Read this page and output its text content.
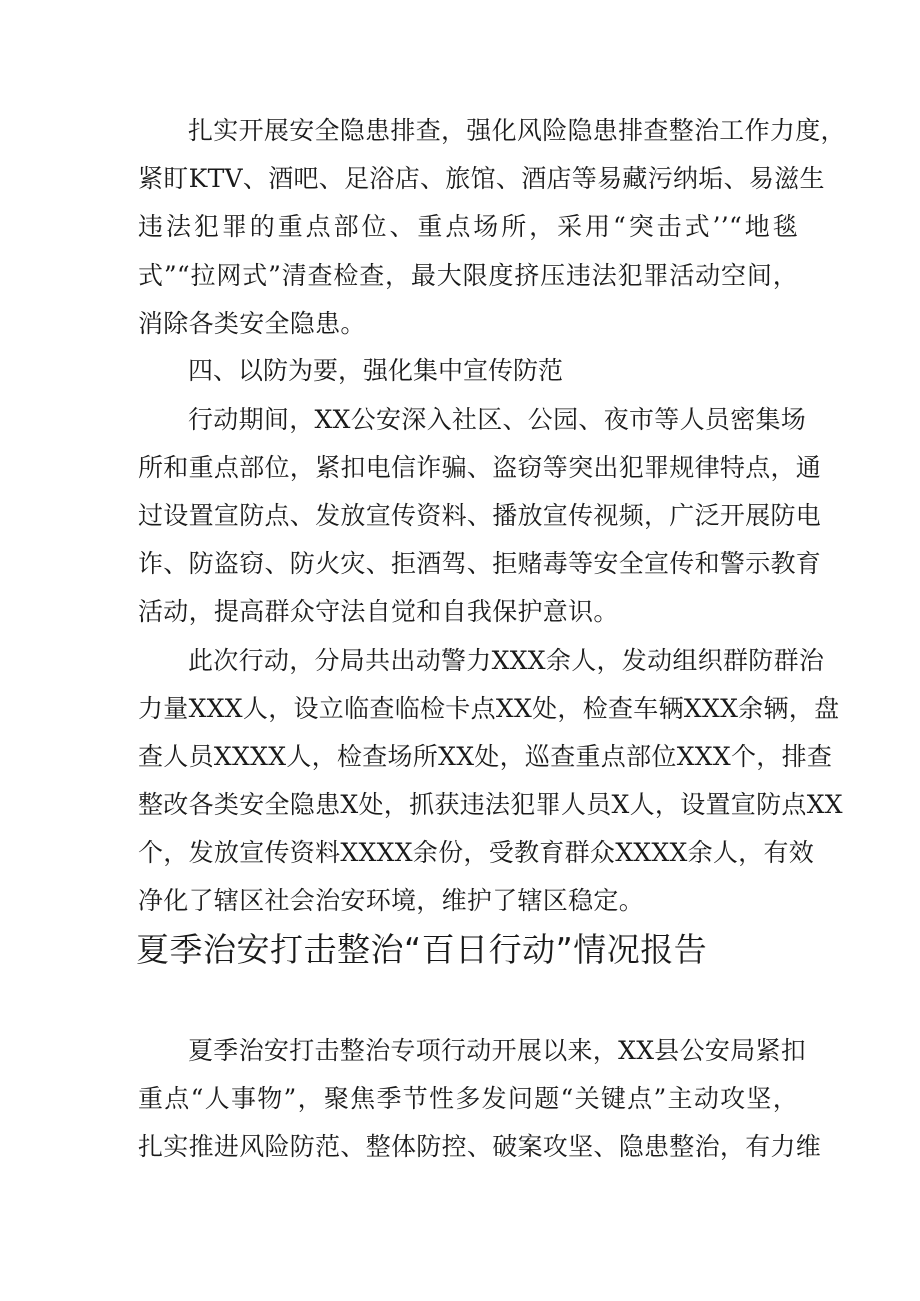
扎实开展安全隐患排查，强化风险隐患排查整治工作力度，
紧盯KTV、酒吧、足浴店、旅馆、酒店等易藏污纳垢、易滋生
违法犯罪的重点部位、重点场所，采用“突击式’’“地毯
式”“拉网式”清查检查，最大限度挤压违法犯罪活动空间，
消除各类安全隐患。
四、以防为要，强化集中宣传防范
行动期间，XX公安深入社区、公园、夜市等人员密集场
所和重点部位，紧扣电信诈骗、盗窃等突出犯罪规律特点，通
过设置宣防点、发放宣传资料、播放宣传视频，广泛开展防电
诈、防盗窃、防火灾、拒酒驾、拒赌毒等安全宣传和警示教育
活动，提高群众守法自觉和自我保护意识。
此次行动，分局共出动警力XXX余人，发动组织群防群治
力量XXX人，设立临查临检卡点XX处，检查车辆XXX余辆，盘
查人员XXXX人，检查场所XX处，巡查重点部位XXX个，排查
整改各类安全隐患X处，抓获违法犯罪人员X人，设置宣防点XX
个，发放宣传资料XXXX余份，受教育群众XXXX余人，有效
净化了辖区社会治安环境，维护了辖区稳定。
夏季治安打击整治“百日行动”情况报告
夏季治安打击整治专项行动开展以来，XX县公安局紧扣
重点“人事物”，聚焦季节性多发问题“关键点”主动攻坚，
扎实推进风险防范、整体防控、破案攻坚、隐患整治，有力维
